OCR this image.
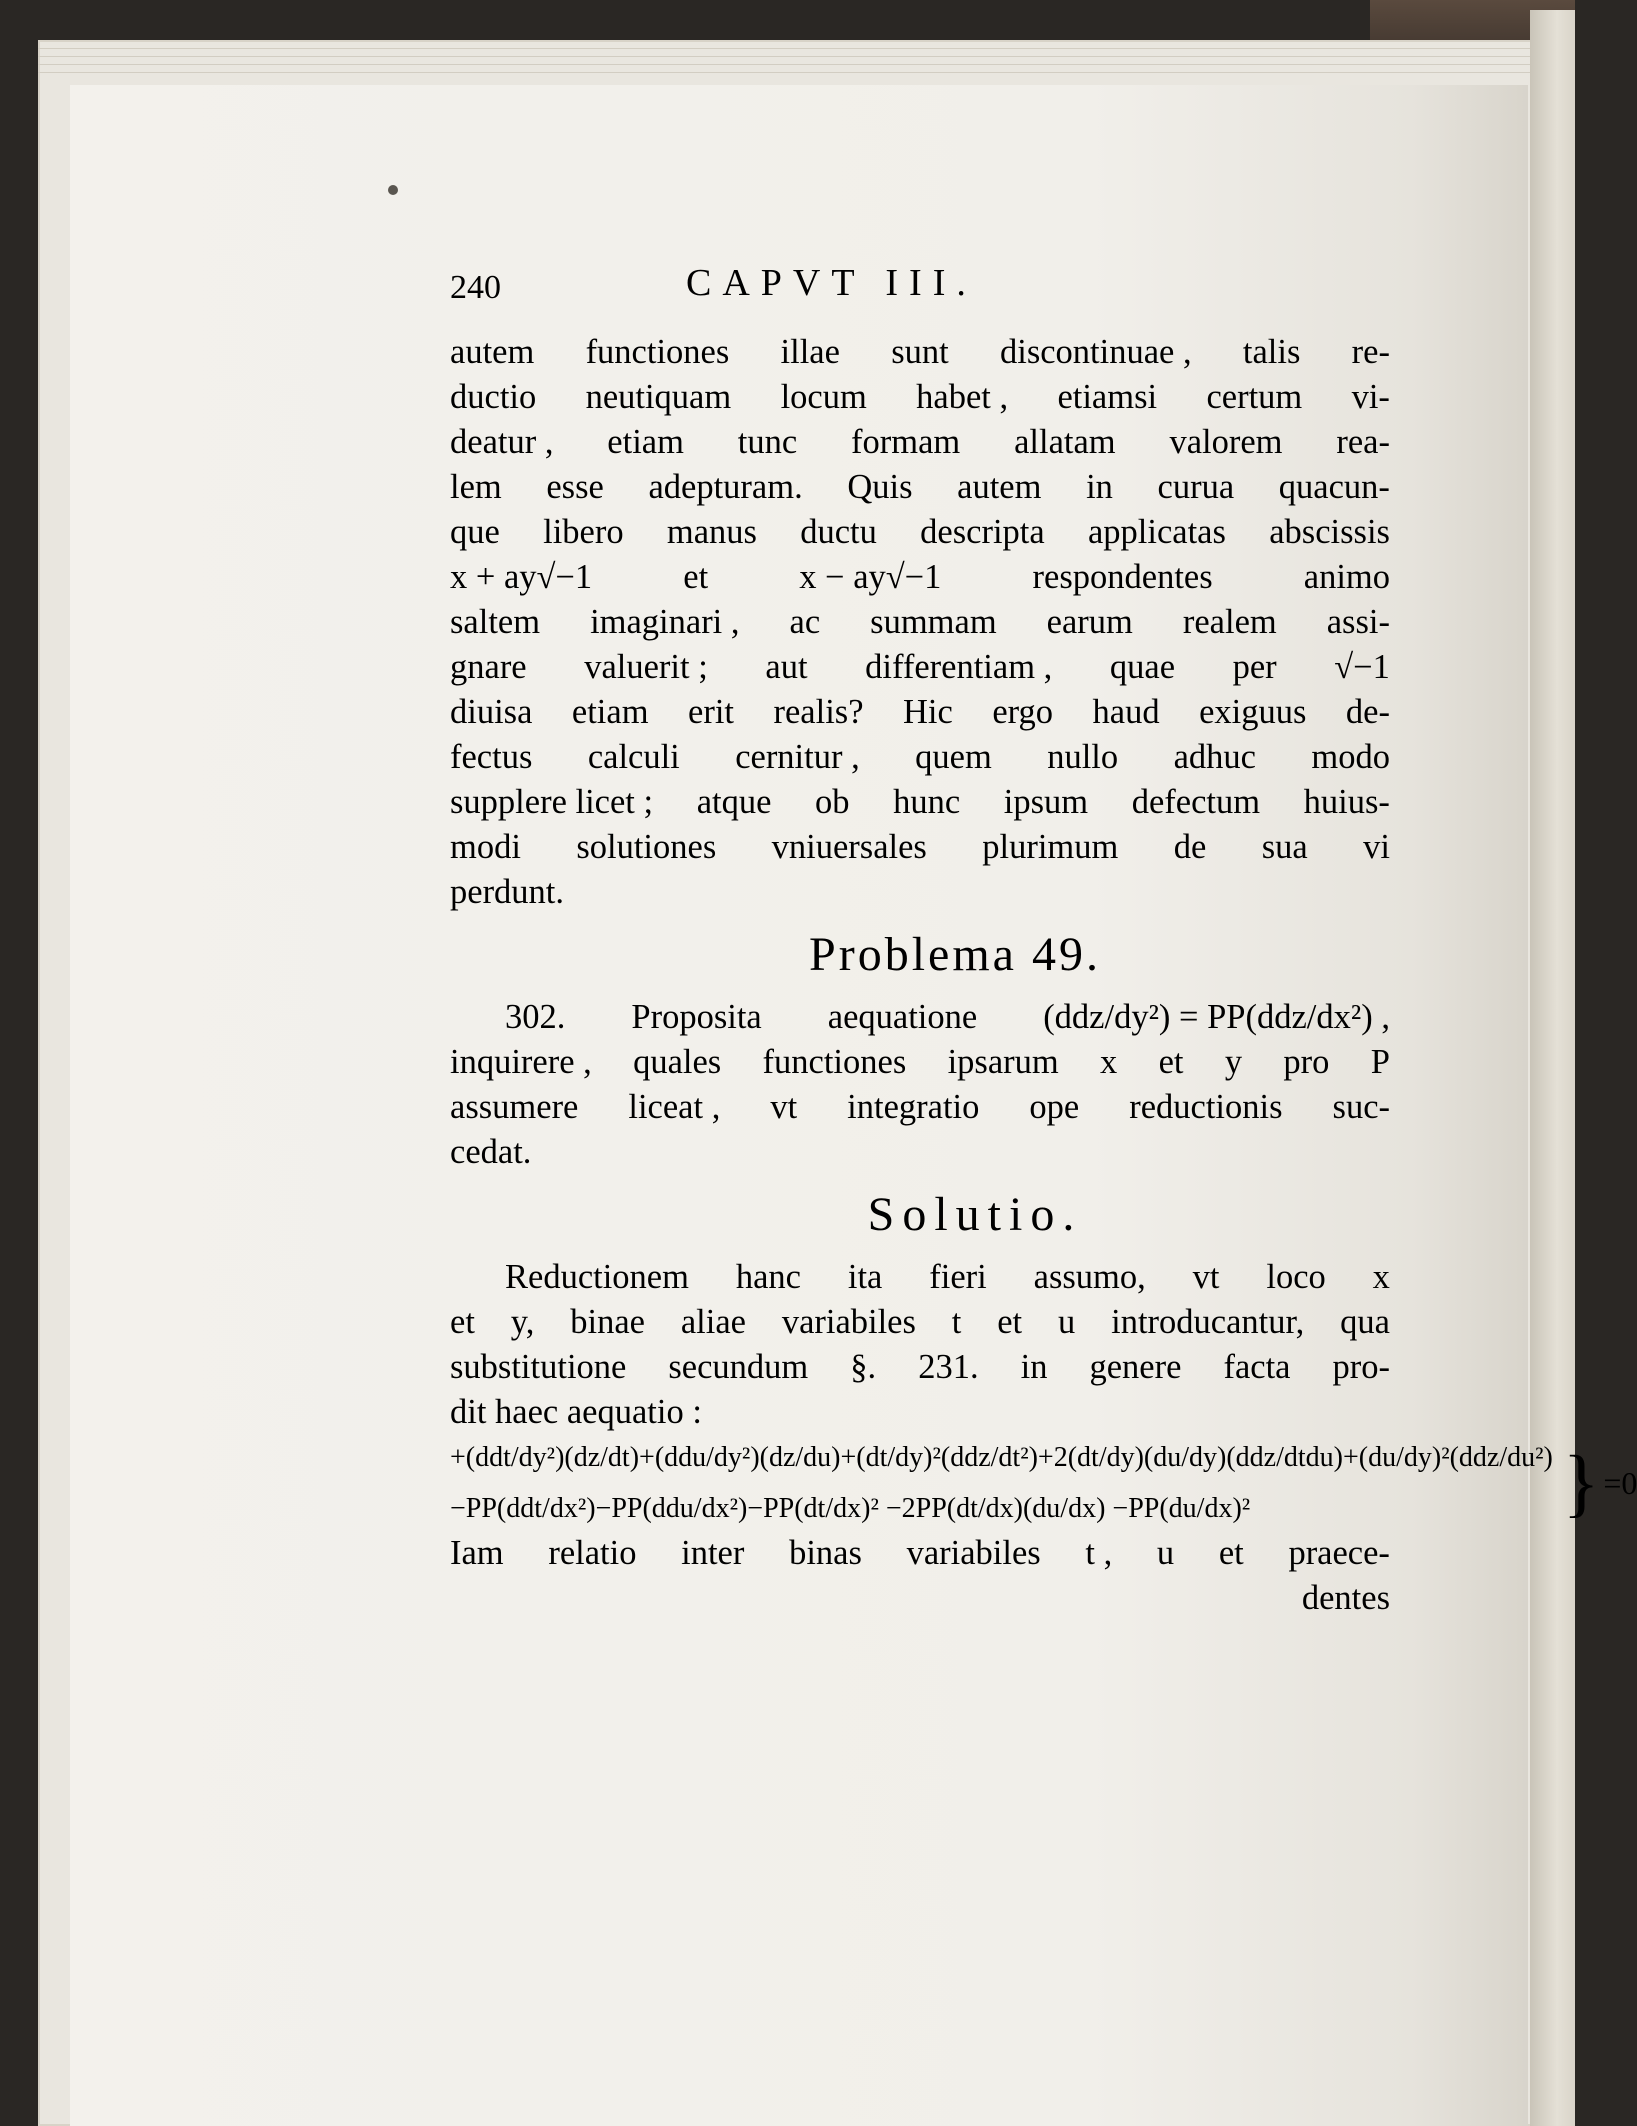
240	CAPVT III.
autem functiones illae sunt discontinuae , talis re-
ductio neutiquam locum habet , etiamsi certum vi-
deatur , etiam tunc formam allatam valorem rea-
lem esse adepturam. Quis autem in curua quacun-
que libero manus ductu descripta applicatas abscissis
x + ay√−1	et	x − ay√−1	respondentes	animo
saltem imaginari , ac summam earum realem assi-
gnare valuerit ; aut differentiam , quae per √−1
diuisa etiam erit realis? Hic ergo haud exiguus de-
fectus calculi cernitur , quem nullo adhuc modo
supplere licet ; atque ob hunc ipsum defectum huius-
modi solutiones vniuersales plurimum de sua vi
perdunt.
Problema 49.
302. Proposita aequatione (ddz/dy²) = PP(ddz/dx²) ,
inquirere , quales functiones ipsarum x et y pro P
assumere liceat , vt integratio ope reductionis suc-
cedat.
Solutio.
Reductionem hanc ita fieri assumo, vt loco x
et y, binae aliae variabiles t et u introducantur, qua
substitutione secundum §. 231. in genere facta pro-
dit haec aequatio :
+(ddt/dy²)(dz/dt)+(ddu/dy²)(dz/du)+(dt/dy)²(ddz/dt²)+2(dt/dy)(du/dy)(ddz/dtdu)+(du/dy)²(ddz/du²)
−PP(ddt/dx²)−PP(ddu/dx²)−PP(dt/dx)² −2PP(dt/dx)(du/dx) −PP(du/dx)²	} =0
Iam relatio inter binas variabiles t , u et praece-
dentes
